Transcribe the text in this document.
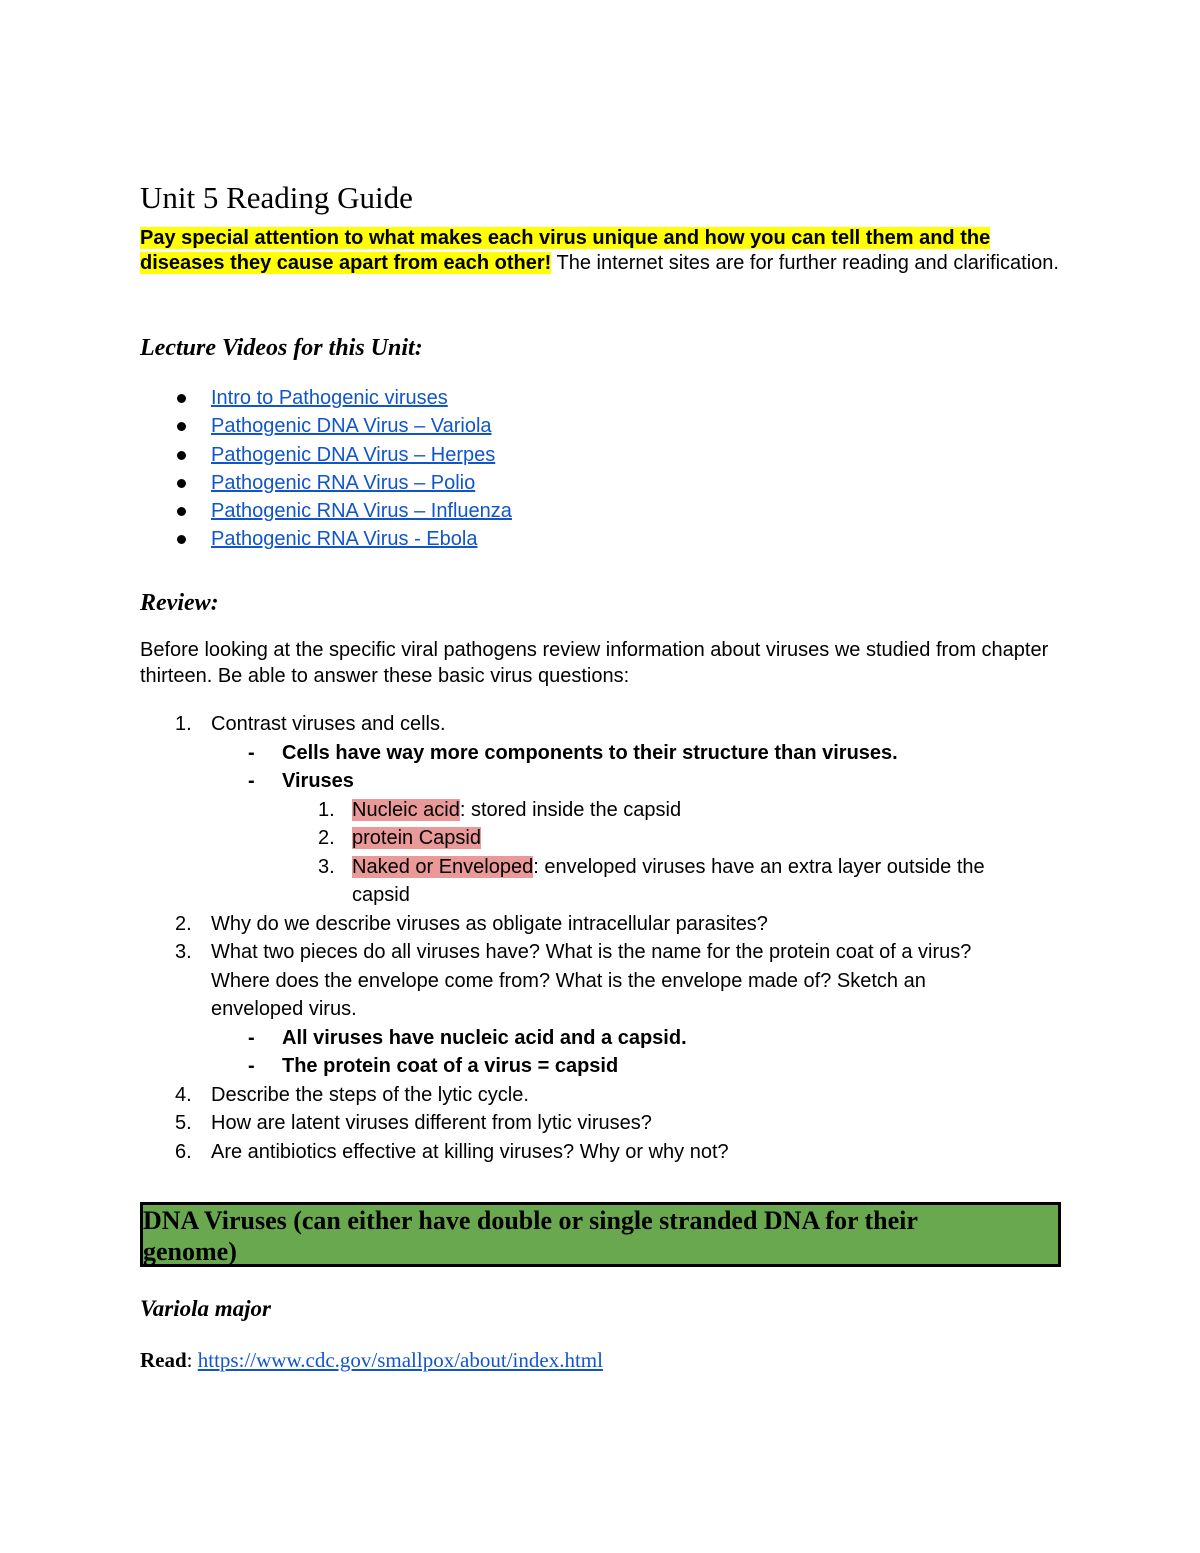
Unit 5 Reading Guide

Pay special attention to what makes each virus unique and how you can tell them and the diseases they cause apart from each other! The internet sites are for further reading and clarification.

Lecture Videos for this Unit:
Intro to Pathogenic viruses
Pathogenic DNA Virus – Variola
Pathogenic DNA Virus – Herpes
Pathogenic RNA Virus – Polio
Pathogenic RNA Virus – Influenza
Pathogenic RNA Virus - Ebola
Review:

Before looking at the specific viral pathogens review information about viruses we studied from chapter thirteen. Be able to answer these basic virus questions:

1. Contrast viruses and cells.
-	Cells have way more components to their structure than viruses.
-	Viruses
1. Nucleic acid: stored inside the capsid
2. protein Capsid
3. Naked or Enveloped: enveloped viruses have an extra layer outside the
capsid
2. Why do we describe viruses as obligate intracellular parasites?
3. What two pieces do all viruses have? What is the name for the protein coat of a virus?
Where does the envelope come from? What is the envelope made of? Sketch an
enveloped virus.
-	All viruses have nucleic acid and a capsid.
-	The protein coat of a virus = capsid
4. Describe the steps of the lytic cycle.
5. How are latent viruses different from lytic viruses?
6. Are antibiotics effective at killing viruses? Why or why not?
DNA Viruses (can either have double or single stranded DNA for their
genome)
Variola major

Read: https://www.cdc.gov/smallpox/about/index.html
